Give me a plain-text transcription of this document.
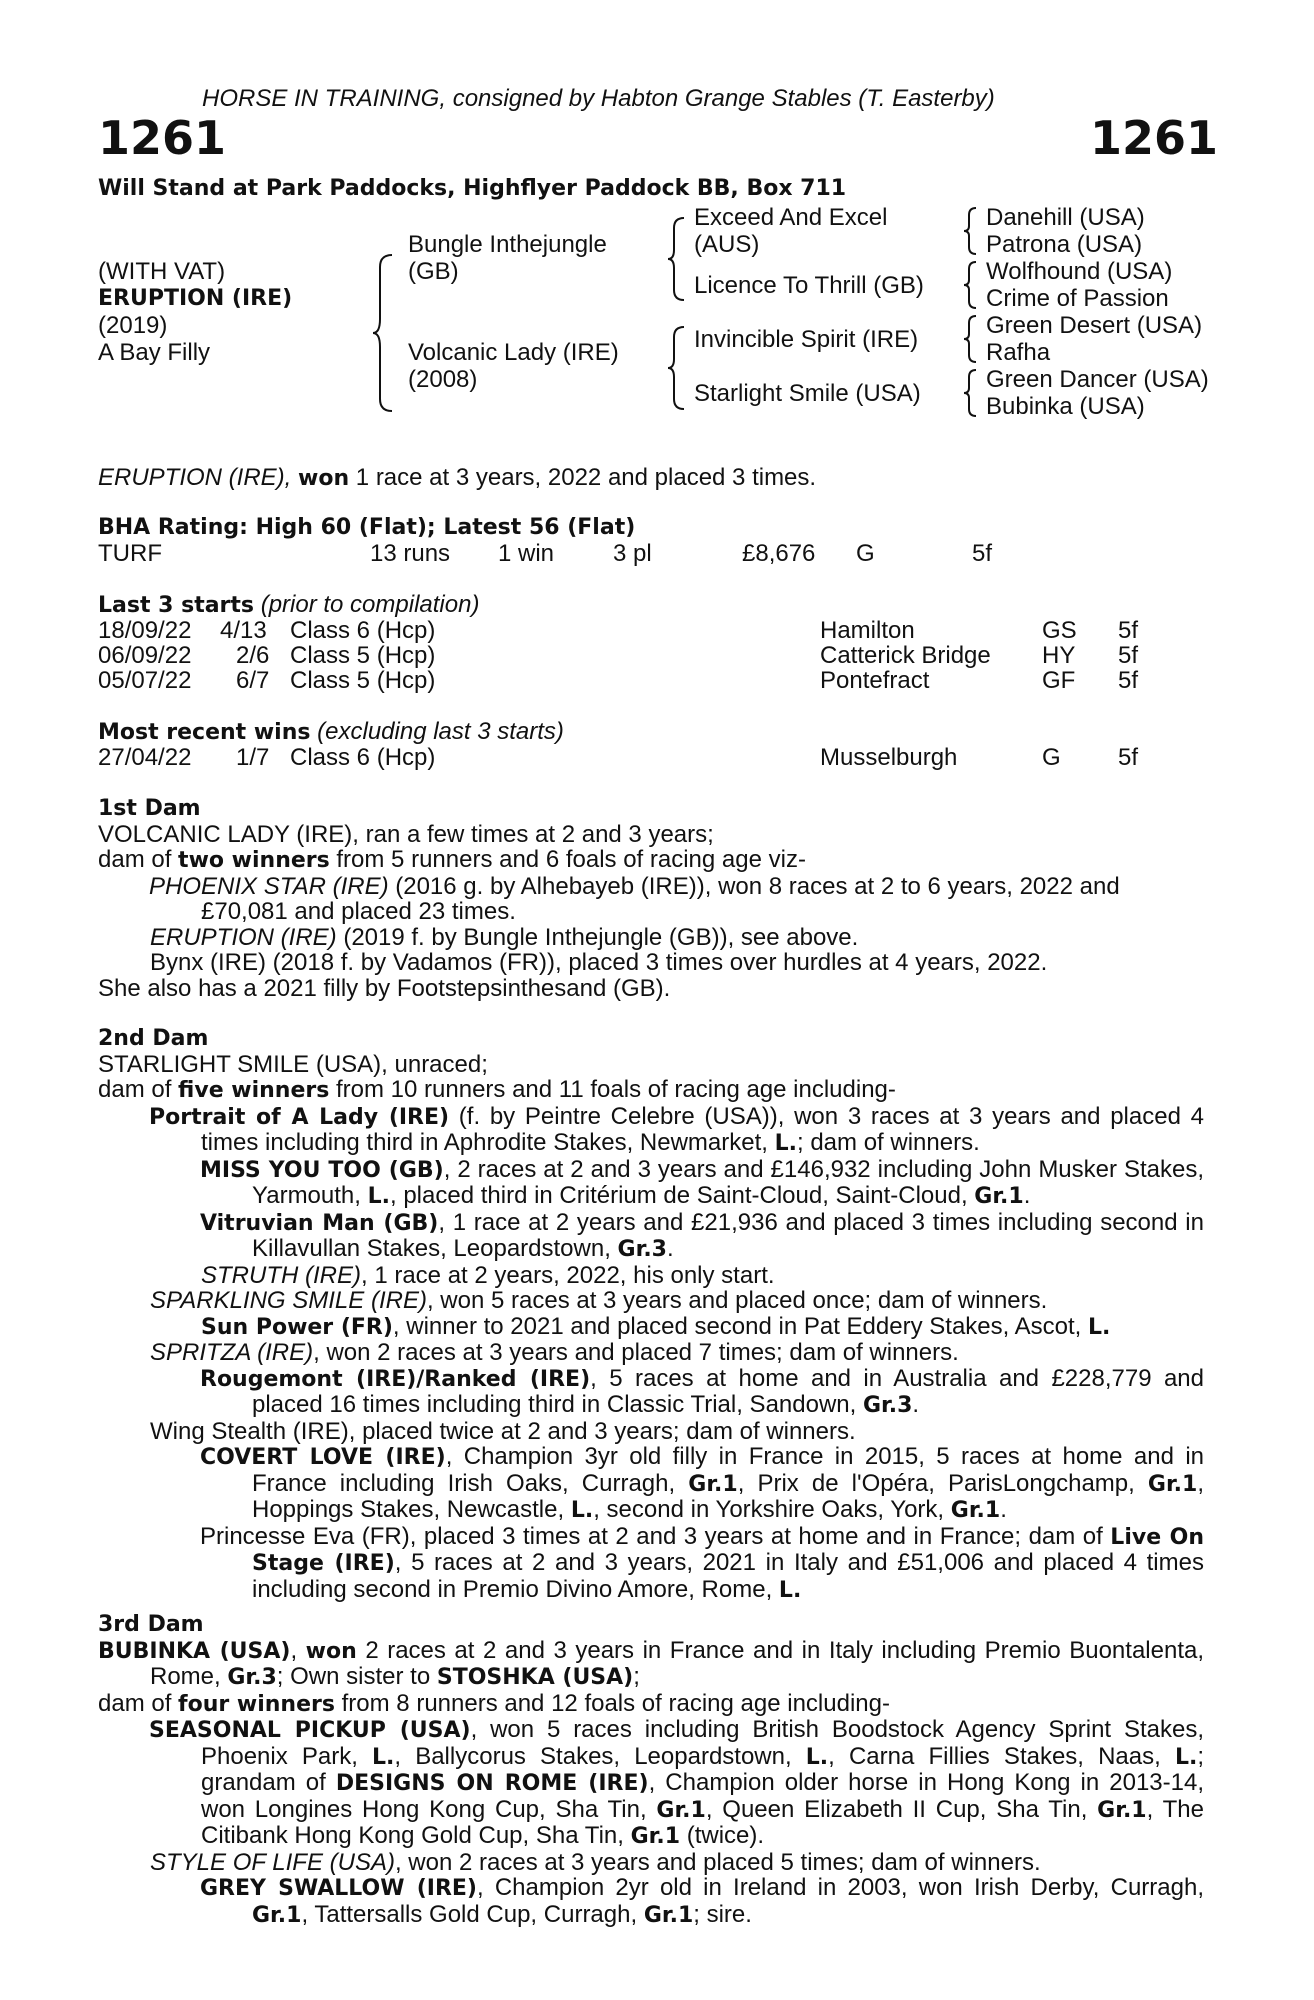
HORSE IN TRAINING, consigned by Habton Grange Stables (T. Easterby)
1261	1261
Will Stand at Park Paddocks, Highflyer Paddock BB, Box 711
(WITH VAT)
ERUPTION (IRE)
(2019)
A Bay Filly
Bungle Inthejungle
(GB)
Volcanic Lady (IRE)
(2008)
Exceed And Excel
(AUS)
Licence To Thrill (GB)
Invincible Spirit (IRE)
Starlight Smile (USA)
Danehill (USA)
Patrona (USA)
Wolfhound (USA)
Crime of Passion
Green Desert (USA)
Rafha
Green Dancer (USA)
Bubinka (USA)
ERUPTION (IRE), won 1 race at 3 years, 2022 and placed 3 times.
BHA Rating: High 60 (Flat); Latest 56 (Flat)
TURF	13 runs 1 win 3 pl	£8,676 G	5f
Last 3 starts (prior to compilation)
18/09/22 4/13 Class 6 (Hcp)	Hamilton	GS 5f
06/09/22 2/6 Class 5 (Hcp)	Catterick Bridge HY 5f
05/07/22 6/7 Class 5 (Hcp)	Pontefract	GF 5f
Most recent wins (excluding last 3 starts)
27/04/22 1/7 Class 6 (Hcp)	Musselburgh	G 5f

1st Dam

VOLCANIC LADY (IRE), ran a few times at 2 and 3 years;

dam of two winners from 5 runners and 6 foals of racing age viz-

PHOENIX STAR (IRE) (2016 g. by Alhebayeb (IRE)), won 8 races at 2 to 6 years, 2022 and £70,081 and placed 23 times.

ERUPTION (IRE) (2019 f. by Bungle Inthejungle (GB)), see above.

Bynx (IRE) (2018 f. by Vadamos (FR)), placed 3 times over hurdles at 4 years, 2022.

She also has a 2021 filly by Footstepsinthesand (GB).

2nd Dam

STARLIGHT SMILE (USA), unraced;

dam of five winners from 10 runners and 11 foals of racing age including-

Portrait of A Lady (IRE) (f. by Peintre Celebre (USA)), won 3 races at 3 years and placed 4 times including third in Aphrodite Stakes, Newmarket, L.; dam of winners.

MISS YOU TOO (GB), 2 races at 2 and 3 years and £146,932 including John Musker Stakes, Yarmouth, L., placed third in Critérium de Saint-Cloud, Saint-Cloud, Gr.1.

Vitruvian Man (GB), 1 race at 2 years and £21,936 and placed 3 times including second in Killavullan Stakes, Leopardstown, Gr.3.

STRUTH (IRE), 1 race at 2 years, 2022, his only start.

SPARKLING SMILE (IRE), won 5 races at 3 years and placed once; dam of winners.

Sun Power (FR), winner to 2021 and placed second in Pat Eddery Stakes, Ascot, L.

SPRITZA (IRE), won 2 races at 3 years and placed 7 times; dam of winners.

Rougemont (IRE)/Ranked (IRE), 5 races at home and in Australia and £228,779 and placed 16 times including third in Classic Trial, Sandown, Gr.3.

Wing Stealth (IRE), placed twice at 2 and 3 years; dam of winners.

COVERT LOVE (IRE), Champion 3yr old filly in France in 2015, 5 races at home and in France including Irish Oaks, Curragh, Gr.1, Prix de l'Opéra, ParisLongchamp, Gr.1, Hoppings Stakes, Newcastle, L., second in Yorkshire Oaks, York, Gr.1.

Princesse Eva (FR), placed 3 times at 2 and 3 years at home and in France; dam of Live On Stage (IRE), 5 races at 2 and 3 years, 2021 in Italy and £51,006 and placed 4 times including second in Premio Divino Amore, Rome, L.

3rd Dam

BUBINKA (USA), won 2 races at 2 and 3 years in France and in Italy including Premio Buontalenta, Rome, Gr.3; Own sister to STOSHKA (USA);

dam of four winners from 8 runners and 12 foals of racing age including-

SEASONAL PICKUP (USA), won 5 races including British Boodstock Agency Sprint Stakes, Phoenix Park, L., Ballycorus Stakes, Leopardstown, L., Carna Fillies Stakes, Naas, L.; grandam of DESIGNS ON ROME (IRE), Champion older horse in Hong Kong in 2013-14, won Longines Hong Kong Cup, Sha Tin, Gr.1, Queen Elizabeth II Cup, Sha Tin, Gr.1, The Citibank Hong Kong Gold Cup, Sha Tin, Gr.1 (twice).

STYLE OF LIFE (USA), won 2 races at 3 years and placed 5 times; dam of winners.

GREY SWALLOW (IRE), Champion 2yr old in Ireland in 2003, won Irish Derby, Curragh, Gr.1, Tattersalls Gold Cup, Curragh, Gr.1; sire.
